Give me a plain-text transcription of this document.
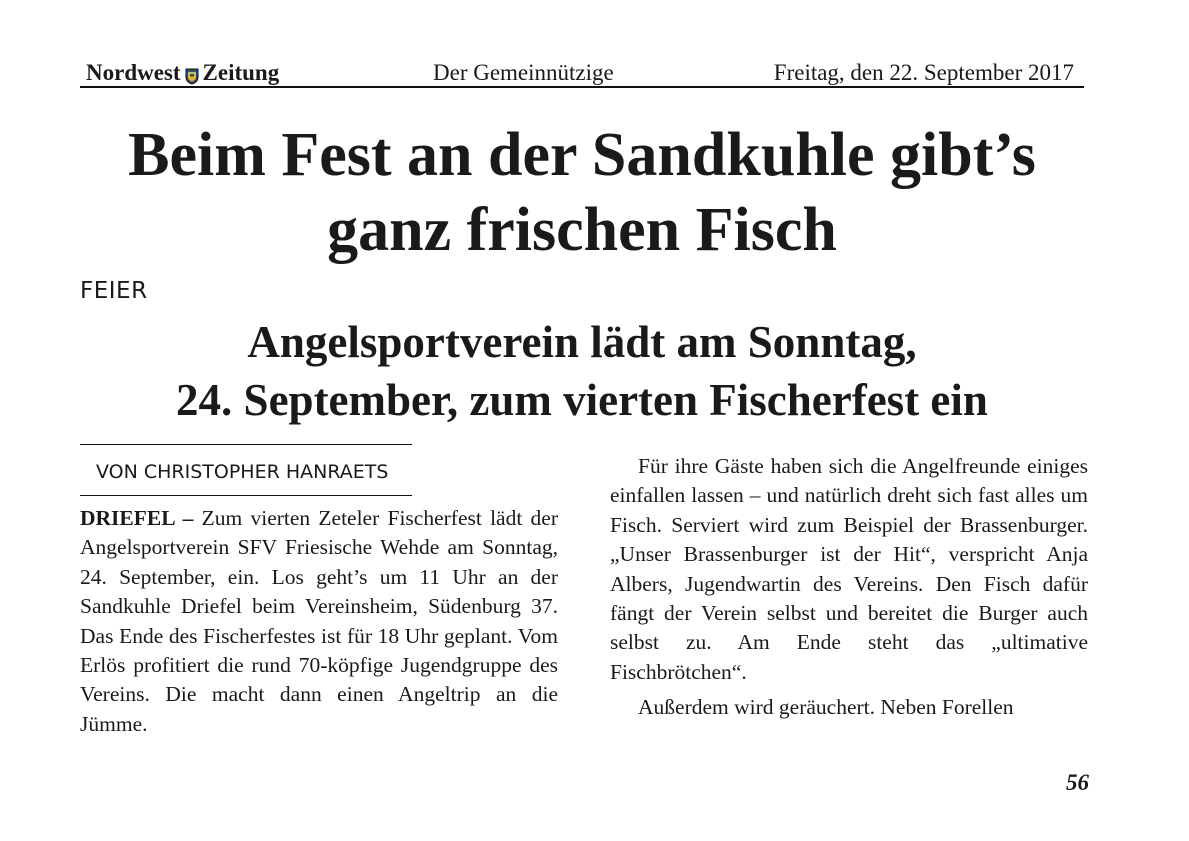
Nordwest Zeitung	Der Gemeinnützige	Freitag, den 22. September 2017
Beim Fest an der Sandkuhle gibt’s
ganz frischen Fisch
FEIER
Angelsportverein lädt am Sonntag,
24. September, zum vierten Fischerfest ein
VON CHRISTOPHER HANRAETS

DRIEFEL – Zum vierten Zeteler Fischerfest lädt der Angelsportverein SFV Friesische Wehde am Sonntag, 24. September, ein. Los geht’s um 11 Uhr an der Sandkuhle Driefel beim Vereinsheim, Südenburg 37. Das Ende des Fischerfestes ist für 18 Uhr geplant. Vom Erlös profitiert die rund 70-köpfige Jugendgruppe des Vereins. Die macht dann einen Angeltrip an die Jümme.

Für ihre Gäste haben sich die Angelfreunde einiges einfallen lassen – und natürlich dreht sich fast alles um Fisch. Serviert wird zum Beispiel der Brassenburger. „Unser Brassenburger ist der Hit“, verspricht Anja Albers, Jugendwartin des Vereins. Den Fisch dafür fängt der Verein selbst und bereitet die Burger auch selbst zu. Am Ende steht das „ultimative Fischbrötchen“.

Außerdem wird geräuchert. Neben Forellen

56
